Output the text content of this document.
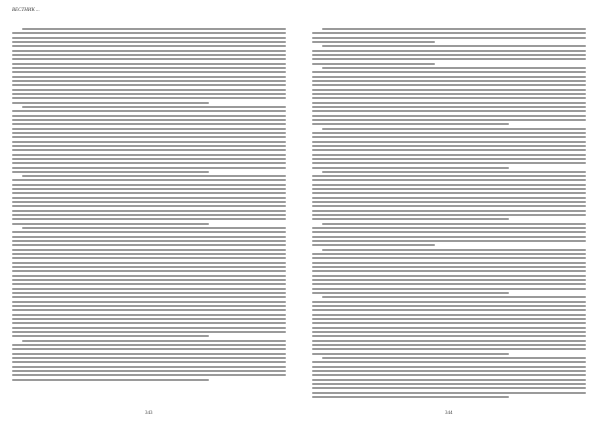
ВЕСТНИК ...
343	344
